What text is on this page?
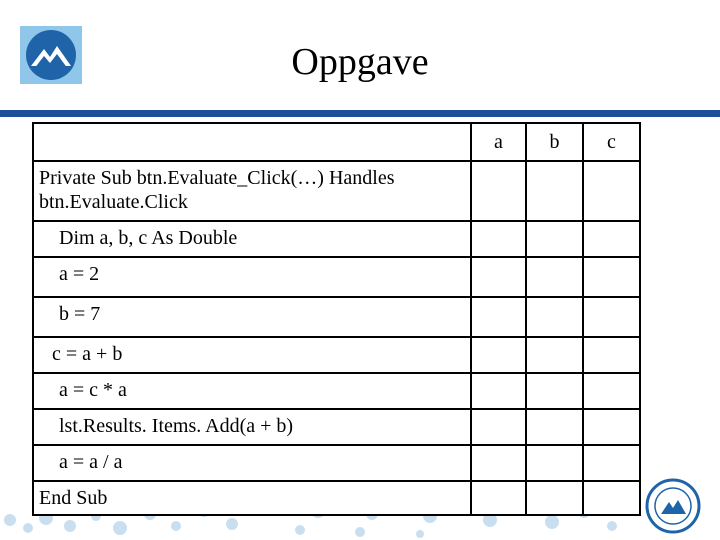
Oppgave
	a	b	c

Private Sub btn.Evaluate_Click(…) Handles btn.Evaluate.Click			

Dim a, b, c As Double			

a = 2			

b = 7			

c = a + b			

a = c * a			

lst.Results. Items. Add(a + b)			

a = a / a			

End Sub			
